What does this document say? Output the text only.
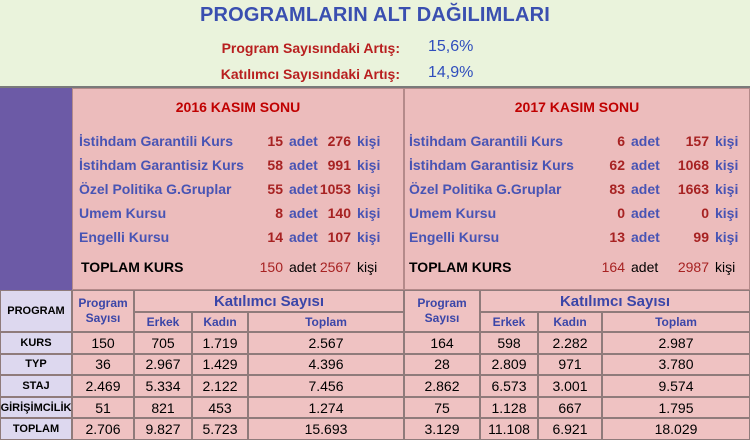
PROGRAMLARIN ALT DAĞILIMLARI
Program Sayısındaki Artış: 15,6%
Katılımcı Sayısındaki Artış: 14,9%
2016 KASIM SONU
İstihdam Garantili Kurs 15 adet 276 kişi
İstihdam Garantisiz Kurs 58 adet 991 kişi
Özel Politika G.Gruplar	55 adet 1053 kişi
Umem Kursu	8 adet 140 kişi
Engelli Kursu	14 adet 107 kişi
TOPLAM KURS	150 adet 2567 kişi
2017 KASIM SONU
İstihdam Garantili Kurs	6 adet 157 kişi
İstihdam Garantisiz Kurs	62 adet 1068 kişi
Özel Politika G.Gruplar	83 adet 1663 kişi
Umem Kursu	0 adet	0 kişi
Engelli Kursu	13 adet 99 kişi
TOPLAM KURS	164 adet 2987 kişi
PROGRAM
Program
Sayısı
Katılımcı Sayısı
Erkek	Kadın	Toplam
Program
Sayısı
Katılımcı Sayısı
Erkek	Kadın	Toplam
KURS	150	705	1.719	2.567	164	598	2.282	2.987
TYP	36	2.967	1.429	4.396	28	2.809	971	3.780
STAJ	2.469	5.334	2.122	7.456	2.862	6.573	3.001	9.574
GİRİŞİMCİLİK	51	821	453	1.274	75	1.128	667	1.795
TOPLAM	2.706	9.827	5.723	15.693	3.129	11.108	6.921	18.029
